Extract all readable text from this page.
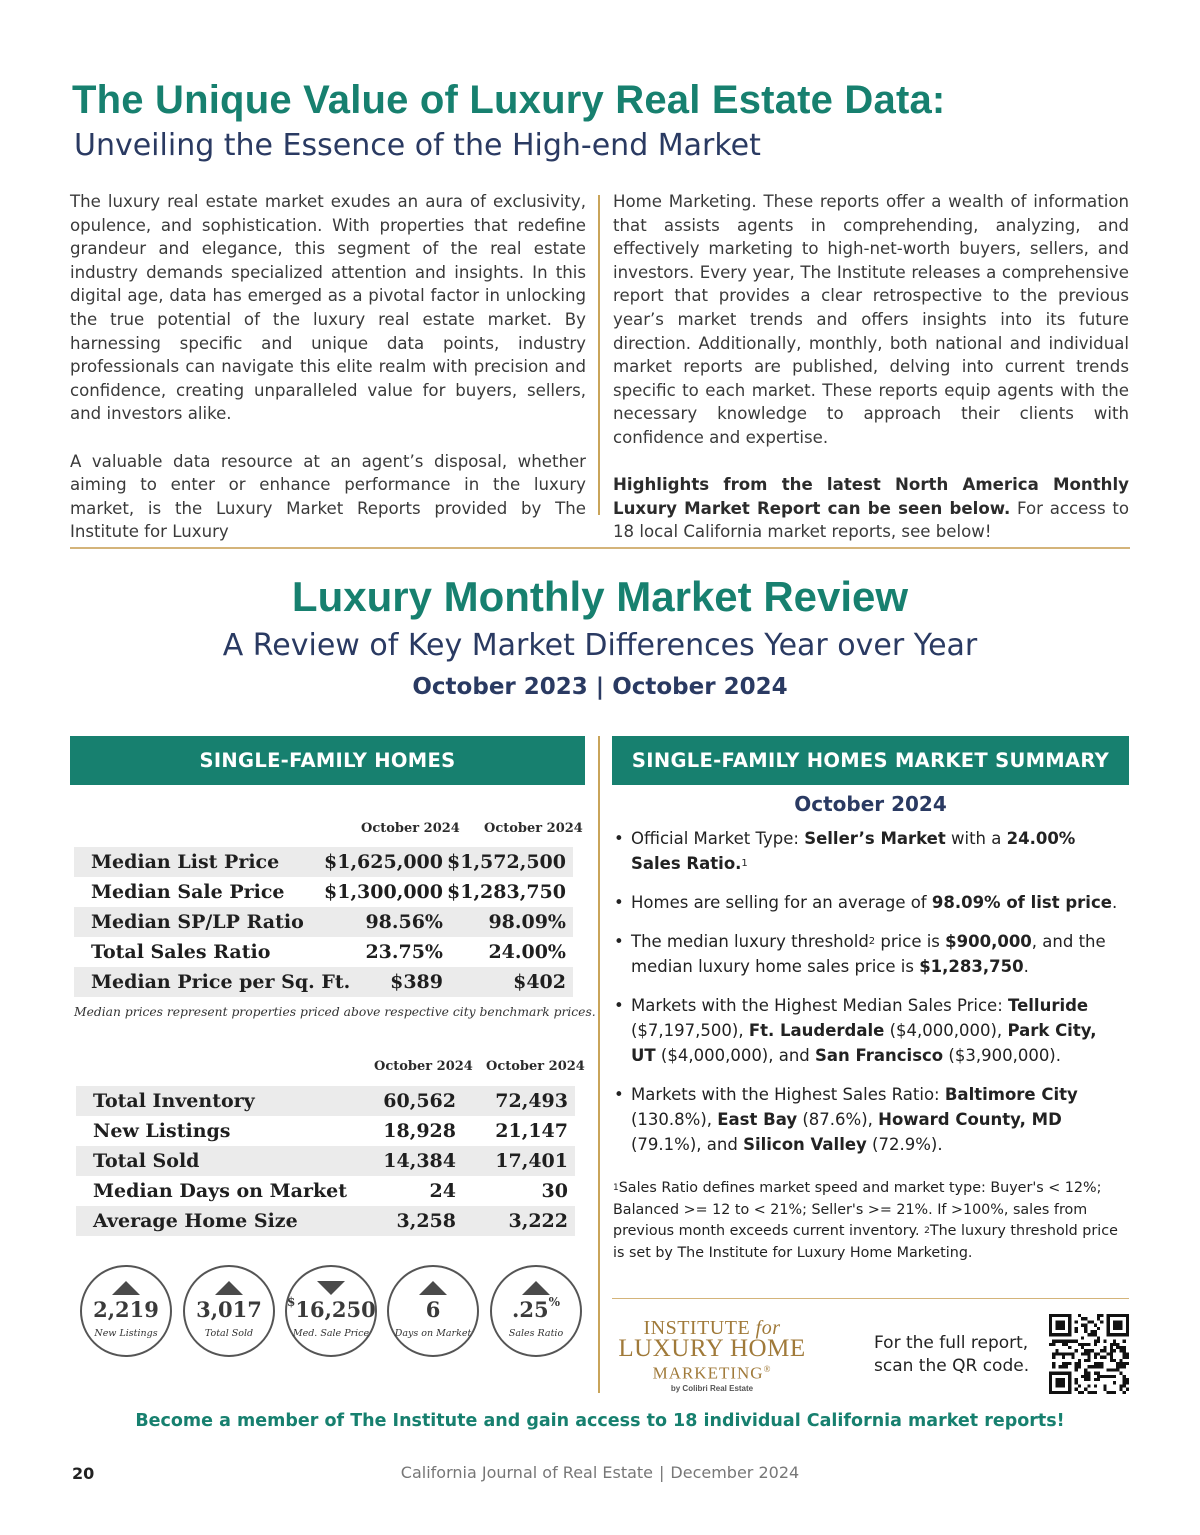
The Unique Value of Luxury Real Estate Data:
Unveiling the Essence of the High-end Market

The luxury real estate market exudes an aura of exclusivity, opulence, and sophistication. With properties that redefine grandeur and elegance, this segment of the real estate industry demands specialized attention and insights. In this digital age, data has emerged as a pivotal factor in unlocking the true potential of the luxury real estate market. By harnessing specific and unique data points, industry professionals can navigate this elite realm with precision and confidence, creating unparalleled value for buyers, sellers, and investors alike.

A valuable data resource at an agent’s disposal, whether aiming to enter or enhance performance in the luxury market, is the Luxury Market Reports provided by The Institute for Luxury

Home Marketing. These reports offer a wealth of information that assists agents in comprehending, analyzing, and effectively marketing to high-net-worth buyers, sellers, and investors. Every year, The Institute releases a comprehensive report that provides a clear retrospective to the previous year’s market trends and offers insights into its future direction. Additionally, monthly, both national and individual market reports are published, delving into current trends specific to each market. These reports equip agents with the necessary knowledge to approach their clients with confidence and expertise.

Highlights from the latest North America Monthly Luxury Market Report can be seen below. For access to 18 local California market reports, see below!

Luxury Monthly Market Review
A Review of Key Market Differences Year over Year
October 2023 | October 2024
SINGLE-FAMILY HOMES	SINGLE-FAMILY HOMES MARKET SUMMARY
October 2024 October 2024
Median List Price $1,625,000 $1,572,500
Median Sale Price $1,300,000 $1,283,750
Median SP/LP Ratio	98.56% 98.09%
Total Sales Ratio	23.75% 24.00%
Median Price per Sq. Ft. $389	$402
Median prices represent properties priced above respective city benchmark prices.
October 2024 October 2024
Total Inventory	60,562 72,493
New Listings	18,928 21,147
Total Sold	14,384 17,401
Median Days on Market	24	30
Average Home Size	3,258	3,222
2,219
New Listings
3,017
Total Sold
$16,250
Med. Sale Price
6
Days on Market
.25%
Sales Ratio
October 2024
• Official Market Type: Seller’s Market with a 24.00% Sales Ratio.$^1$
• Homes are selling for an average of 98.09% of list price.
• The median luxury threshold$^2$ price is $900,000, and the median luxury home sales price is $1,283,750.
• Markets with the Highest Median Sales Price: Telluride ($7,197,500), Ft. Lauderdale ($4,000,000), Park City, UT ($4,000,000), and San Francisco ($3,900,000).
• Markets with the Highest Sales Ratio: Baltimore City (130.8%), East Bay (87.6%), Howard County, MD (79.1%), and Silicon Valley (72.9%).
$^1$Sales Ratio defines market speed and market type: Buyer's < 12%; Balanced >= 12 to < 21%; Seller's >= 21%. If >100%, sales from previous month exceeds current inventory. $^2$The luxury threshold price is set by The Institute for Luxury Home Marketing.
INSTITUTE for
LUXURY HOME
MARKETING®
by Colibri Real Estate
For the full report,
scan the QR code.
Become a member of The Institute and gain access to 18 individual California market reports!
20	California Journal of Real Estate | December 2024
